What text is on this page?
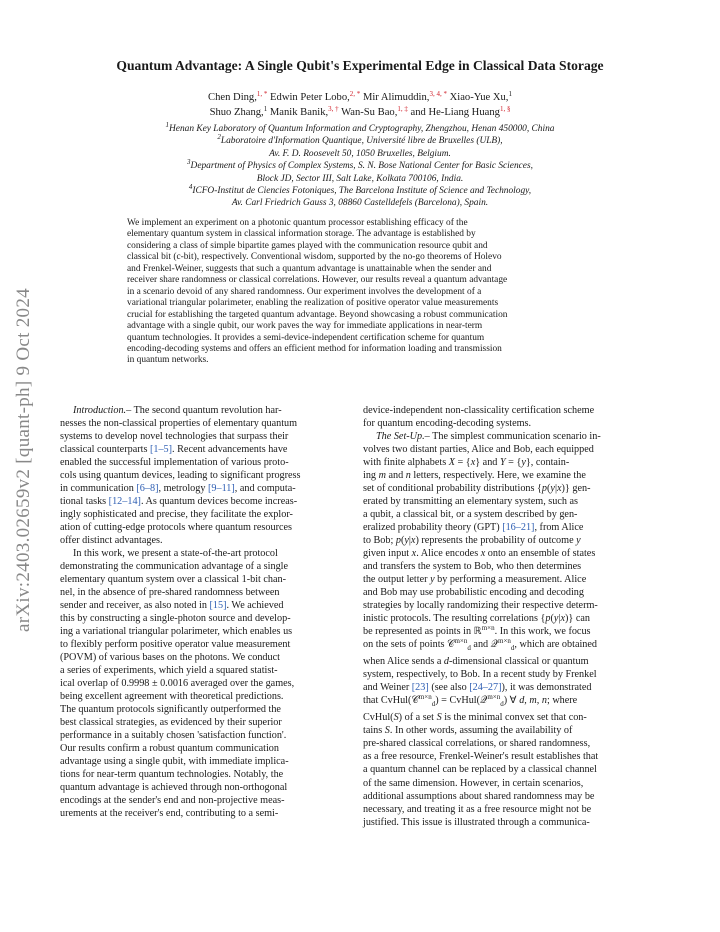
arXiv:2403.02659v2 [quant-ph] 9 Oct 2024
Quantum Advantage: A Single Qubit's Experimental Edge in Classical Data Storage
Chen Ding,$^{1, *}$ Edwin Peter Lobo,$^{2, *}$ Mir Alimuddin,$^{3, 4, *}$ Xiao-Yue Xu,$^1$
Shuo Zhang,$^1$ Manik Banik,$^{3, \dagger}$ Wan-Su Bao,$^{1, \ddagger}$ and He-Liang Huang$^{1, \S}$
$^1$Henan Key Laboratory of Quantum Information and Cryptography, Zhengzhou, Henan 450000, China
$^2$Laboratoire d'Information Quantique, Université libre de Bruxelles (ULB),
Av. F. D. Roosevelt 50, 1050 Bruxelles, Belgium.
$^3$Department of Physics of Complex Systems, S. N. Bose National Center for Basic Sciences,
Block JD, Sector III, Salt Lake, Kolkata 700106, India.
$^4$ICFO-Institut de Ciencies Fotoniques, The Barcelona Institute of Science and Technology,
Av. Carl Friedrich Gauss 3, 08860 Castelldefels (Barcelona), Spain.
We implement an experiment on a photonic quantum processor establishing efficacy of the
elementary quantum system in classical information storage. The advantage is established by
considering a class of simple bipartite games played with the communication resource qubit and
classical bit (c-bit), respectively. Conventional wisdom, supported by the no-go theorems of Holevo
and Frenkel-Weiner, suggests that such a quantum advantage is unattainable when the sender and
receiver share randomness or classical correlations. However, our results reveal a quantum advantage
in a scenario devoid of any shared randomness. Our experiment involves the development of a
variational triangular polarimeter, enabling the realization of positive operator value measurements
crucial for establishing the targeted quantum advantage. Beyond showcasing a robust communication
advantage with a single qubit, our work paves the way for immediate applications in near-term
quantum technologies. It provides a semi-device-independent certification scheme for quantum
encoding-decoding systems and offers an efficient method for information loading and transmission
in quantum networks.
Introduction.– The second quantum revolution har-
nesses the non-classical properties of elementary quantum
systems to develop novel technologies that surpass their
classical counterparts [1–5]. Recent advancements have
enabled the successful implementation of various proto-
cols using quantum devices, leading to significant progress
in communication [6–8], metrology [9–11], and computa-
tional tasks [12–14]. As quantum devices become increas-
ingly sophisticated and precise, they facilitate the explor-
ation of cutting-edge protocols where quantum resources
offer distinct advantages.
In this work, we present a state-of-the-art protocol
demonstrating the communication advantage of a single
elementary quantum system over a classical 1-bit chan-
nel, in the absence of pre-shared randomness between
sender and receiver, as also noted in [15]. We achieved
this by constructing a single-photon source and develop-
ing a variational triangular polarimeter, which enables us
to flexibly perform positive operator value measurement
(POVM) of various bases on the photons. We conduct
a series of experiments, which yield a squared statist-
ical overlap of 0.9998 ± 0.0016 averaged over the games,
being excellent agreement with theoretical predictions.
The quantum protocols significantly outperformed the
best classical strategies, as evidenced by their superior
performance in a suitably chosen 'satisfaction function'.
Our results confirm a robust quantum communication
advantage using a single qubit, with immediate implica-
tions for near-term quantum technologies. Notably, the
quantum advantage is achieved through non-orthogonal
encodings at the sender's end and non-projective meas-
urements at the receiver's end, contributing to a semi-
device-independent non-classicality certification scheme
for quantum encoding-decoding systems.
The Set-Up.– The simplest communication scenario in-
volves two distant parties, Alice and Bob, each equipped
with finite alphabets X = {x} and Y = {y}, contain-
ing m and n letters, respectively. Here, we examine the
set of conditional probability distributions {p(y|x)} gen-
erated by transmitting an elementary system, such as
a qubit, a classical bit, or a system described by gen-
eralized probability theory (GPT) [16–21], from Alice
to Bob; p(y|x) represents the probability of outcome y
given input x. Alice encodes x onto an ensemble of states
and transfers the system to Bob, who then determines
the output letter y by performing a measurement. Alice
and Bob may use probabilistic encoding and decoding
strategies by locally randomizing their respective determ-
inistic protocols. The resulting correlations {p(y|x)} can
be represented as points in ℝ$^{m\times n}$. In this work, we focus
on the sets of points 𝒞$^{m\times n}_d$ and 𝒬$^{m\times n}_d$, which are obtained
when Alice sends a d-dimensional classical or quantum
system, respectively, to Bob. In a recent study by Frenkel
and Weiner [23] (see also [24–27]), it was demonstrated
that CvHul(𝒞$^{m\times n}_d$) = CvHul(𝒬$^{m\times n}_d$) ∀ d, m, n; where
CvHul(S) of a set S is the minimal convex set that con-
tains S. In other words, assuming the availability of
pre-shared classical correlations, or shared randomness,
as a free resource, Frenkel-Weiner's result establishes that
a quantum channel can be replaced by a classical channel
of the same dimension. However, in certain scenarios,
additional assumptions about shared randomness may be
necessary, and treating it as a free resource might not be
justified. This issue is illustrated through a communica-
